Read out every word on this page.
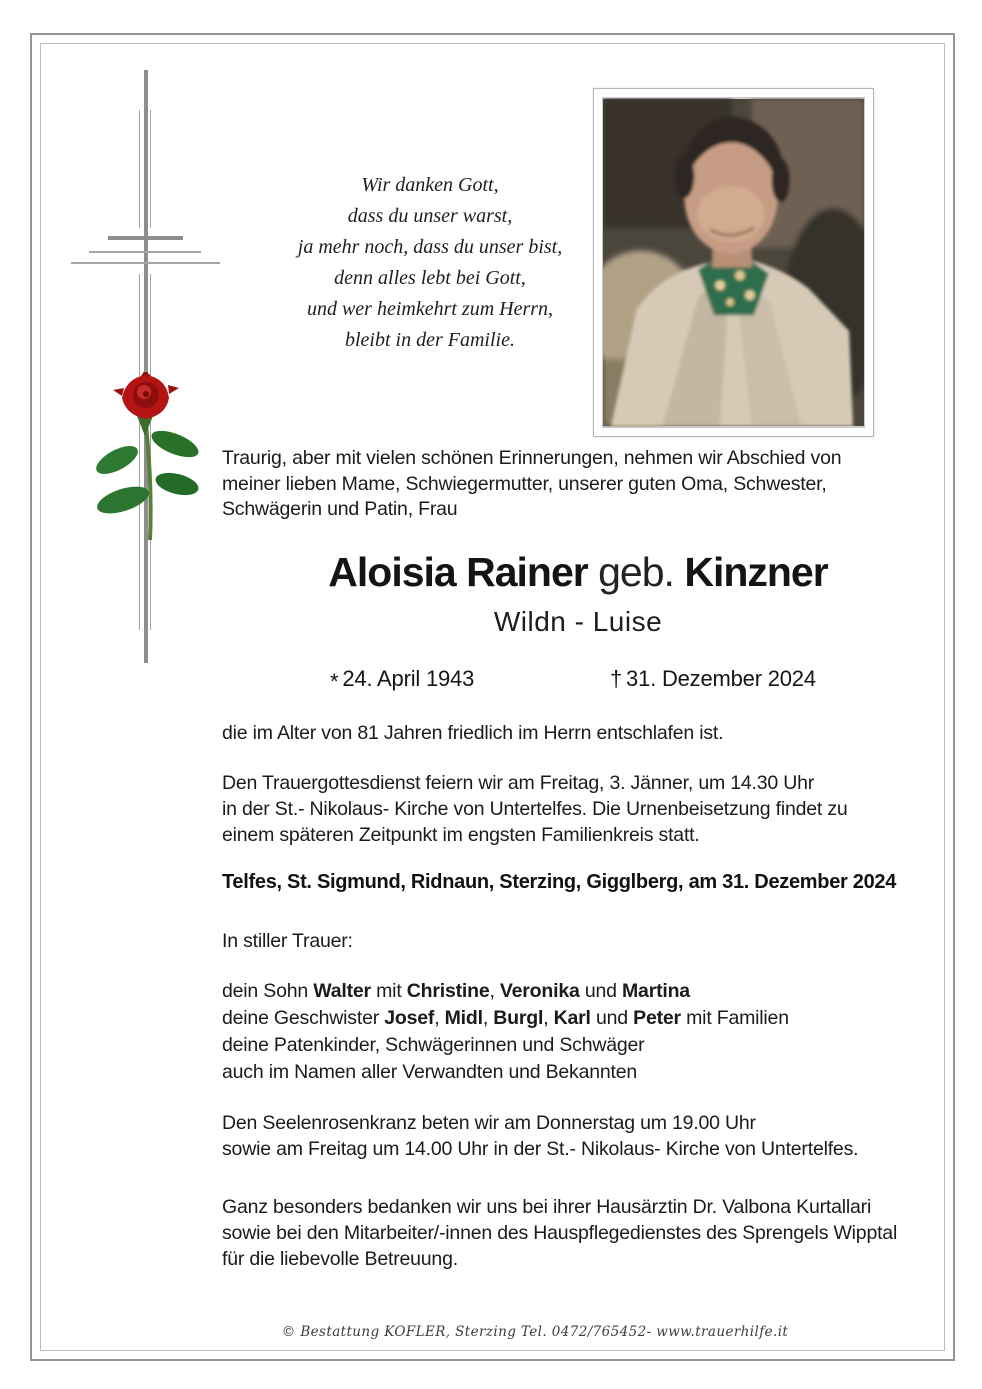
Wir danken Gott,
dass du unser warst,
ja mehr noch, dass du unser bist,
denn alles lebt bei Gott,
und wer heimkehrt zum Herrn,
bleibt in der Familie.
Traurig, aber mit vielen schönen Erinnerungen, nehmen wir Abschied von
meiner lieben Mame, Schwiegermutter, unserer guten Oma, Schwester,
Schwägerin und Patin, Frau
Aloisia Rainer geb. Kinzner
Wildn - Luise
* 24. April 1943	† 31. Dezember 2024
die im Alter von 81 Jahren friedlich im Herrn entschlafen ist.
Den Trauergottesdienst feiern wir am Freitag, 3. Jänner, um 14.30 Uhr
in der St.- Nikolaus- Kirche von Untertelfes. Die Urnenbeisetzung findet zu
einem späteren Zeitpunkt im engsten Familienkreis statt.
Telfes, St. Sigmund, Ridnaun, Sterzing, Gigglberg, am 31. Dezember 2024
In stiller Trauer:
dein Sohn Walter mit Christine, Veronika und Martina
deine Geschwister Josef, Midl, Burgl, Karl und Peter mit Familien
deine Patenkinder, Schwägerinnen und Schwäger
auch im Namen aller Verwandten und Bekannten
Den Seelenrosenkranz beten wir am Donnerstag um 19.00 Uhr
sowie am Freitag um 14.00 Uhr in der St.- Nikolaus- Kirche von Untertelfes.
Ganz besonders bedanken wir uns bei ihrer Hausärztin Dr. Valbona Kurtallari
sowie bei den Mitarbeiter/-innen des Hauspflegedienstes des Sprengels Wipptal
für die liebevolle Betreuung.
© Bestattung KOFLER, Sterzing Tel. 0472/765452- www.trauerhilfe.it
